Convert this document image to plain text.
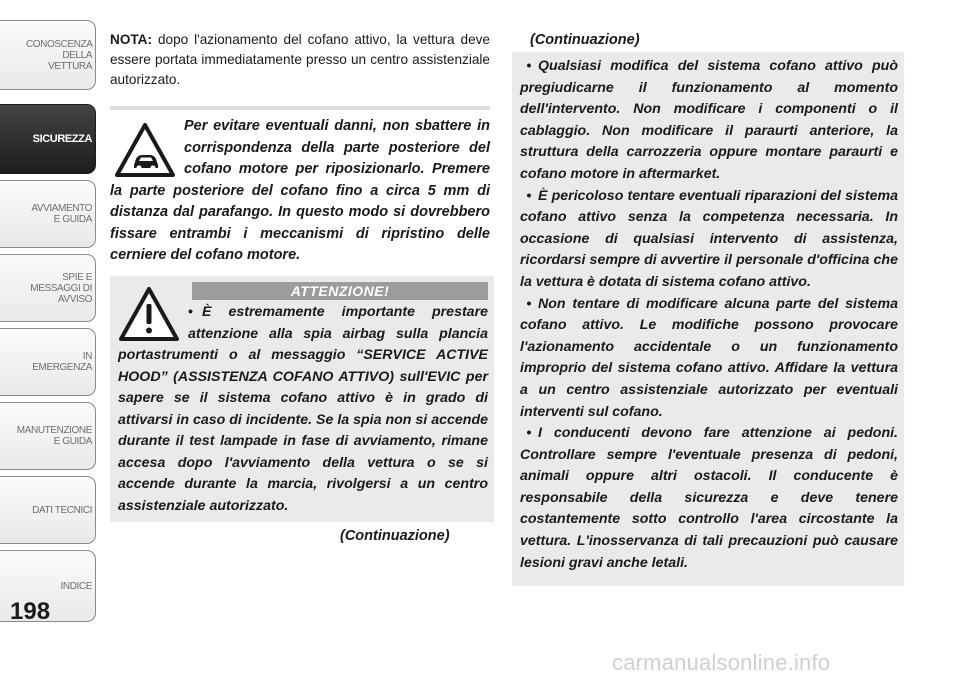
CONOSCENZA DELLA VETTURA
SICUREZZA
AVVIAMENTO E GUIDA
SPIE E MESSAGGI DI AVVISO
IN EMERGENZA
MANUTENZIONE E GUIDA
DATI TECNICI
INDICE
198

NOTA: dopo l'azionamento del cofano attivo, la vettura deve essere portata immediatamente presso un centro assistenziale autorizzato.

Per evitare eventuali danni, non sbattere in corrispondenza della parte posteriore del cofano motore per riposizionarlo. Premere la parte posteriore del cofano fino a circa 5 mm di distanza dal parafango. In questo modo si dovrebbero fissare entrambi i meccanismi di ripristino delle cerniere del cofano motore.

ATTENZIONE!

• È estremamente importante prestare attenzione alla spia airbag sulla plancia portastrumenti o al messaggio “SERVICE ACTIVE HOOD” (ASSISTENZA COFANO ATTIVO) sull'EVIC per sapere se il sistema cofano attivo è in grado di attivarsi in caso di incidente. Se la spia non si accende durante il test lampade in fase di avviamento, rimane accesa dopo l'avviamento della vettura o se si accende durante la marcia, rivolgersi a un centro assistenziale autorizzato.

(Continuazione)
(Continuazione)

• Qualsiasi modifica del sistema cofano attivo può pregiudicarne il funzionamento al momento dell'intervento. Non modificare i componenti o il cablaggio. Non modificare il paraurti anteriore, la struttura della carrozzeria oppure montare paraurti e cofano motore in aftermarket.

• È pericoloso tentare eventuali riparazioni del sistema cofano attivo senza la competenza necessaria. In occasione di qualsiasi intervento di assistenza, ricordarsi sempre di avvertire il personale d'officina che la vettura è dotata di sistema cofano attivo.

• Non tentare di modificare alcuna parte del sistema cofano attivo. Le modifiche possono provocare l'azionamento accidentale o un funzionamento improprio del sistema cofano attivo. Affidare la vettura a un centro assistenziale autorizzato per eventuali interventi sul cofano.

• I conducenti devono fare attenzione ai pedoni. Controllare sempre l'eventuale presenza di pedoni, animali oppure altri ostacoli. Il conducente è responsabile della sicurezza e deve tenere costantemente sotto controllo l'area circostante la vettura. L'inosservanza di tali precauzioni può causare lesioni gravi anche letali.

carmanualsonline.info
